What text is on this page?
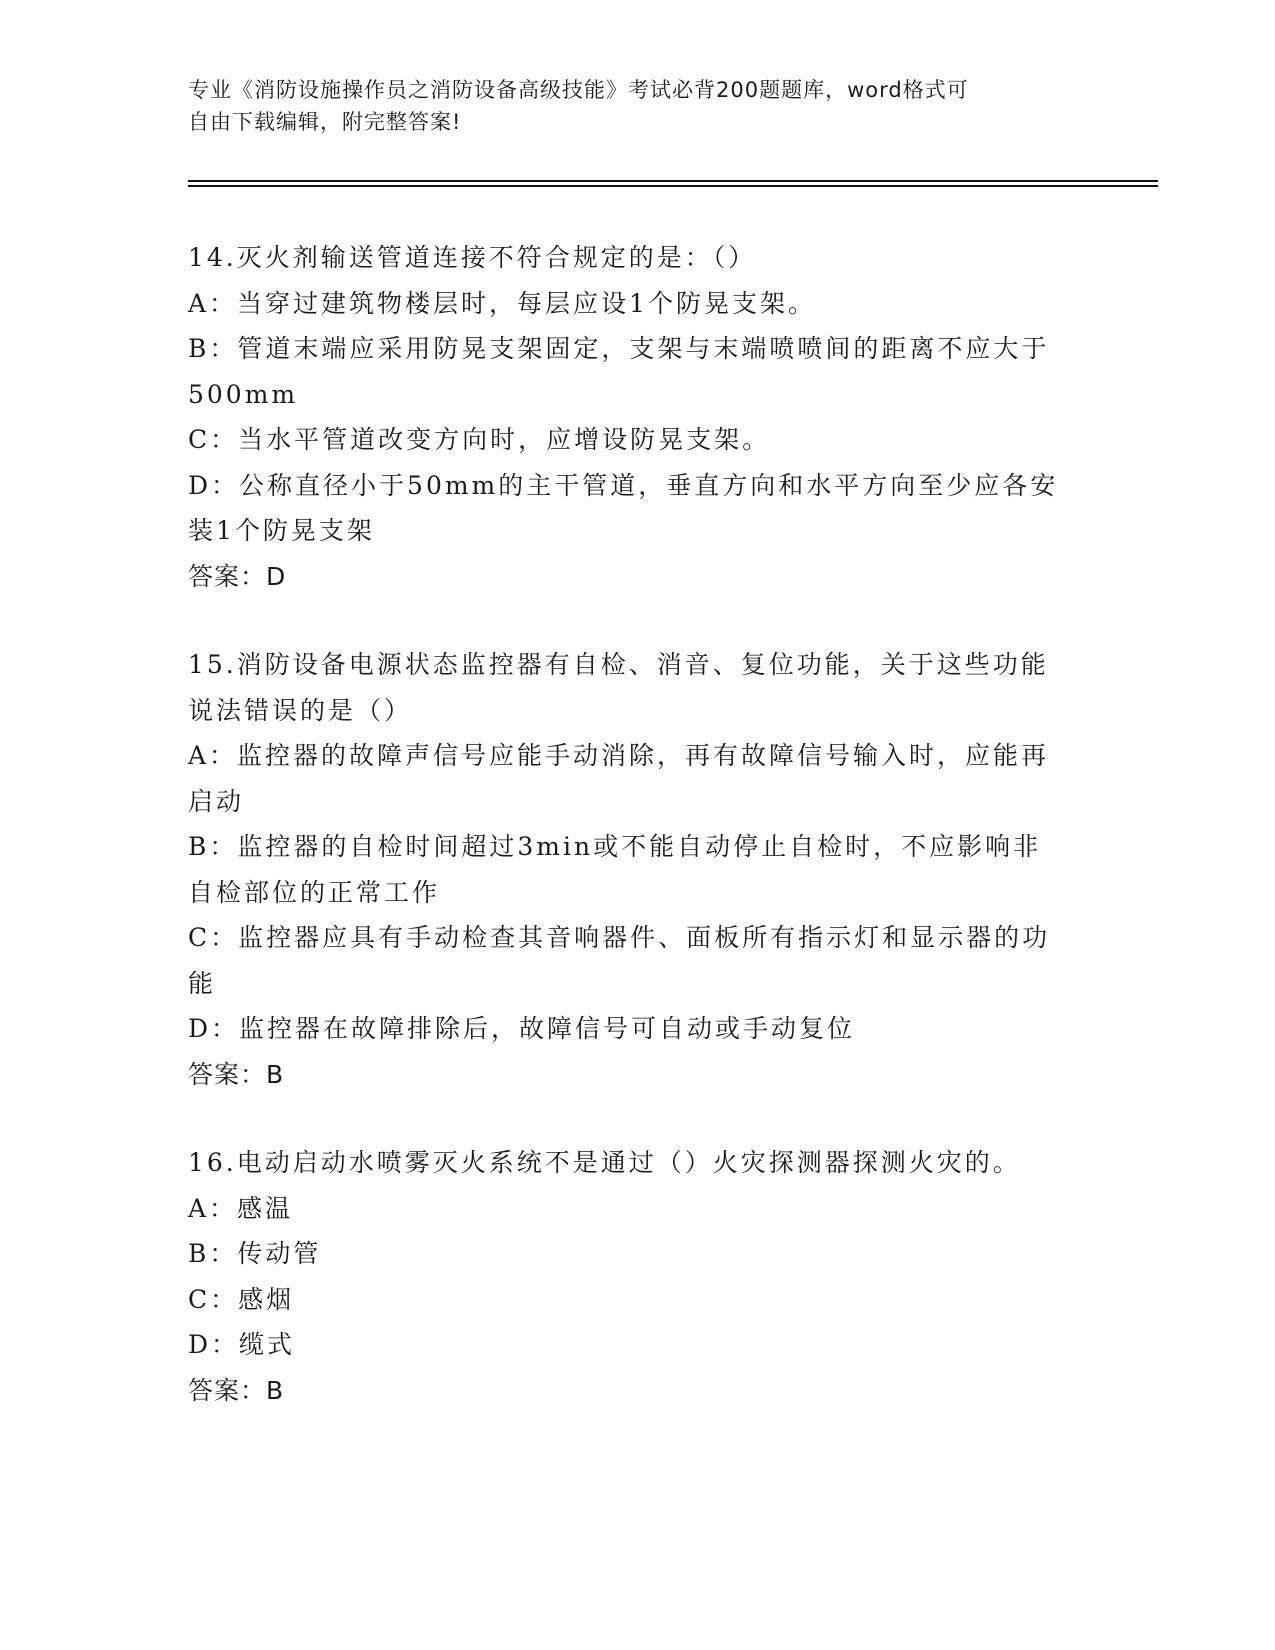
专业《消防设施操作员之消防设备高级技能》考试必背200题题库，word格式可
自由下载编辑，附完整答案!
14.灭火剂输送管道连接不符合规定的是：（）
A：当穿过建筑物楼层时，每层应设1个防晃支架。
B：管道末端应采用防晃支架固定，支架与末端喷喷间的距离不应大于
500mm
C：当水平管道改变方向时，应增设防晃支架。
D：公称直径小于50mm的主干管道，垂直方向和水平方向至少应各安
装1个防晃支架
答案：D
15.消防设备电源状态监控器有自检、消音、复位功能，关于这些功能
说法错误的是（）
A：监控器的故障声信号应能手动消除，再有故障信号输入时，应能再
启动
B：监控器的自检时间超过3min或不能自动停止自检时，不应影响非
自检部位的正常工作
C：监控器应具有手动检查其音响器件、面板所有指示灯和显示器的功
能
D：监控器在故障排除后，故障信号可自动或手动复位
答案：B
16.电动启动水喷雾灭火系统不是通过（）火灾探测器探测火灾的。
A：感温
B：传动管
C：感烟
D：缆式
答案：B
